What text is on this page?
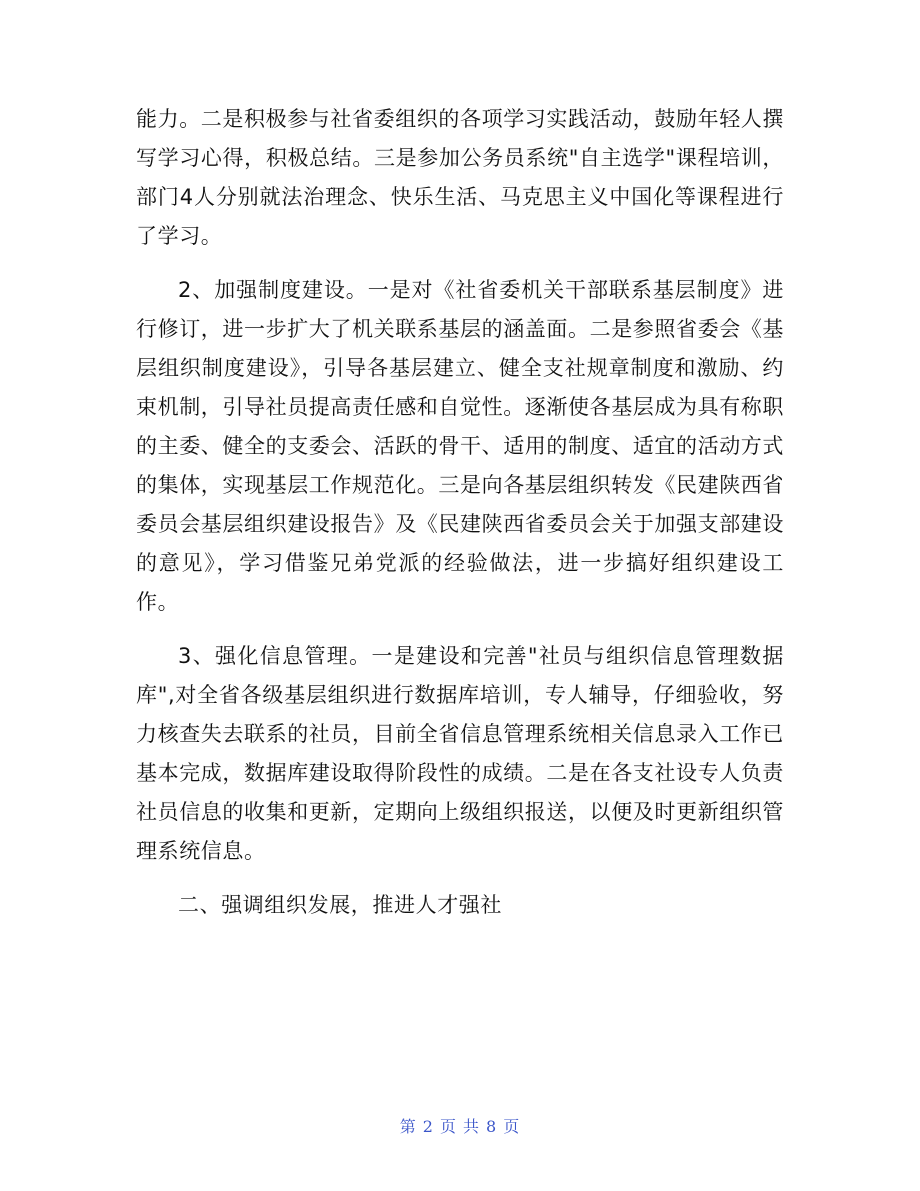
能力。二是积极参与社省委组织的各项学习实践活动，鼓励年轻人撰写学习心得，积极总结。三是参加公务员系统"自主选学"课程培训，部门4人分别就法治理念、快乐生活、马克思主义中国化等课程进行了学习。

2、加强制度建设。一是对《社省委机关干部联系基层制度》进行修订，进一步扩大了机关联系基层的涵盖面。二是参照省委会《基层组织制度建设》，引导各基层建立、健全支社规章制度和激励、约束机制，引导社员提高责任感和自觉性。逐渐使各基层成为具有称职的主委、健全的支委会、活跃的骨干、适用的制度、适宜的活动方式的集体，实现基层工作规范化。三是向各基层组织转发《民建陕西省委员会基层组织建设报告》及《民建陕西省委员会关于加强支部建设的意见》，学习借鉴兄弟党派的经验做法，进一步搞好组织建设工作。

3、强化信息管理。一是建设和完善"社员与组织信息管理数据库",对全省各级基层组织进行数据库培训，专人辅导，仔细验收，努力核查失去联系的社员，目前全省信息管理系统相关信息录入工作已基本完成，数据库建设取得阶段性的成绩。二是在各支社设专人负责社员信息的收集和更新，定期向上级组织报送，以便及时更新组织管理系统信息。

二、强调组织发展，推进人才强社

第 2 页 共 8 页
